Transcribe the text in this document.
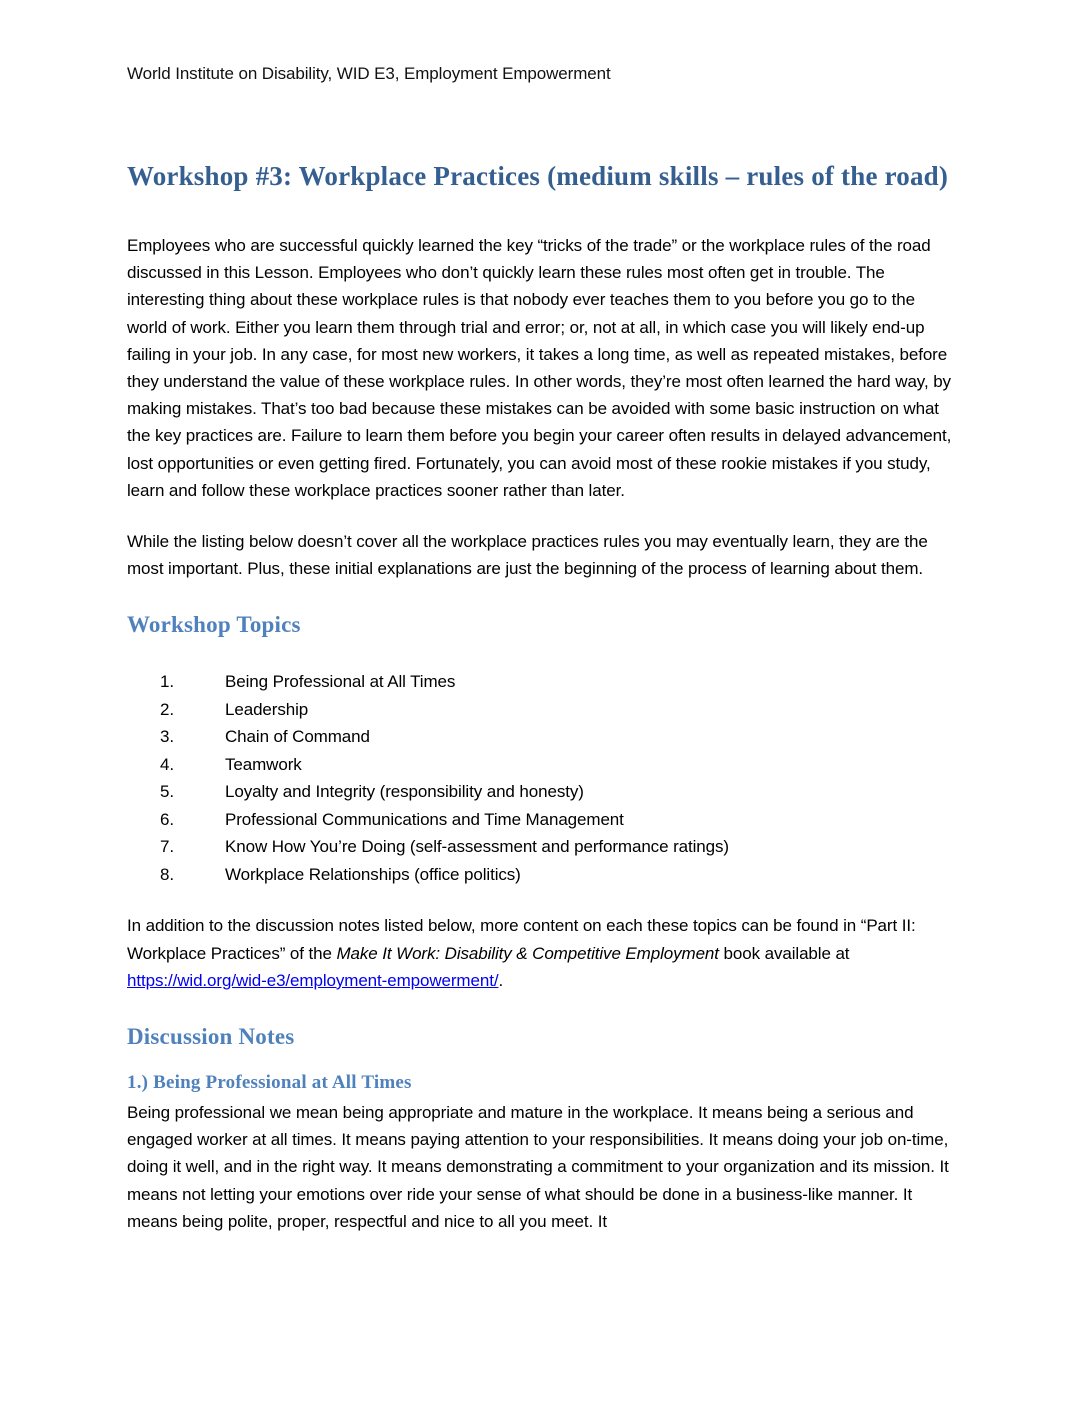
World Institute on Disability, WID E3, Employment Empowerment
Workshop #3: Workplace Practices (medium skills – rules of the road)

Employees who are successful quickly learned the key “tricks of the trade” or the workplace rules of the road discussed in this Lesson. Employees who don’t quickly learn these rules most often get in trouble. The interesting thing about these workplace rules is that nobody ever teaches them to you before you go to the world of work. Either you learn them through trial and error; or, not at all, in which case you will likely end-up failing in your job. In any case, for most new workers, it takes a long time, as well as repeated mistakes, before they understand the value of these workplace rules. In other words, they’re most often learned the hard way, by making mistakes. That’s too bad because these mistakes can be avoided with some basic instruction on what the key practices are. Failure to learn them before you begin your career often results in delayed advancement, lost opportunities or even getting fired. Fortunately, you can avoid most of these rookie mistakes if you study, learn and follow these workplace practices sooner rather than later.

While the listing below doesn’t cover all the workplace practices rules you may eventually learn, they are the most important. Plus, these initial explanations are just the beginning of the process of learning about them.

Workshop Topics
1.	Being Professional at All Times
2.	Leadership
3.	Chain of Command
4.	Teamwork
5.	Loyalty and Integrity (responsibility and honesty)
6.	Professional Communications and Time Management
7.	Know How You’re Doing (self-assessment and performance ratings)
8.	Workplace Relationships (office politics)

In addition to the discussion notes listed below, more content on each these topics can be found in “Part II: Workplace Practices” of the Make It Work: Disability & Competitive Employment book available at https://wid.org/wid-e3/employment-empowerment/.

Discussion Notes
1.) Being Professional at All Times

Being professional we mean being appropriate and mature in the workplace. It means being a serious and engaged worker at all times. It means paying attention to your responsibilities. It means doing your job on-time, doing it well, and in the right way. It means demonstrating a commitment to your organization and its mission. It means not letting your emotions over ride your sense of what should be done in a business-like manner. It means being polite, proper, respectful and nice to all you meet. It
